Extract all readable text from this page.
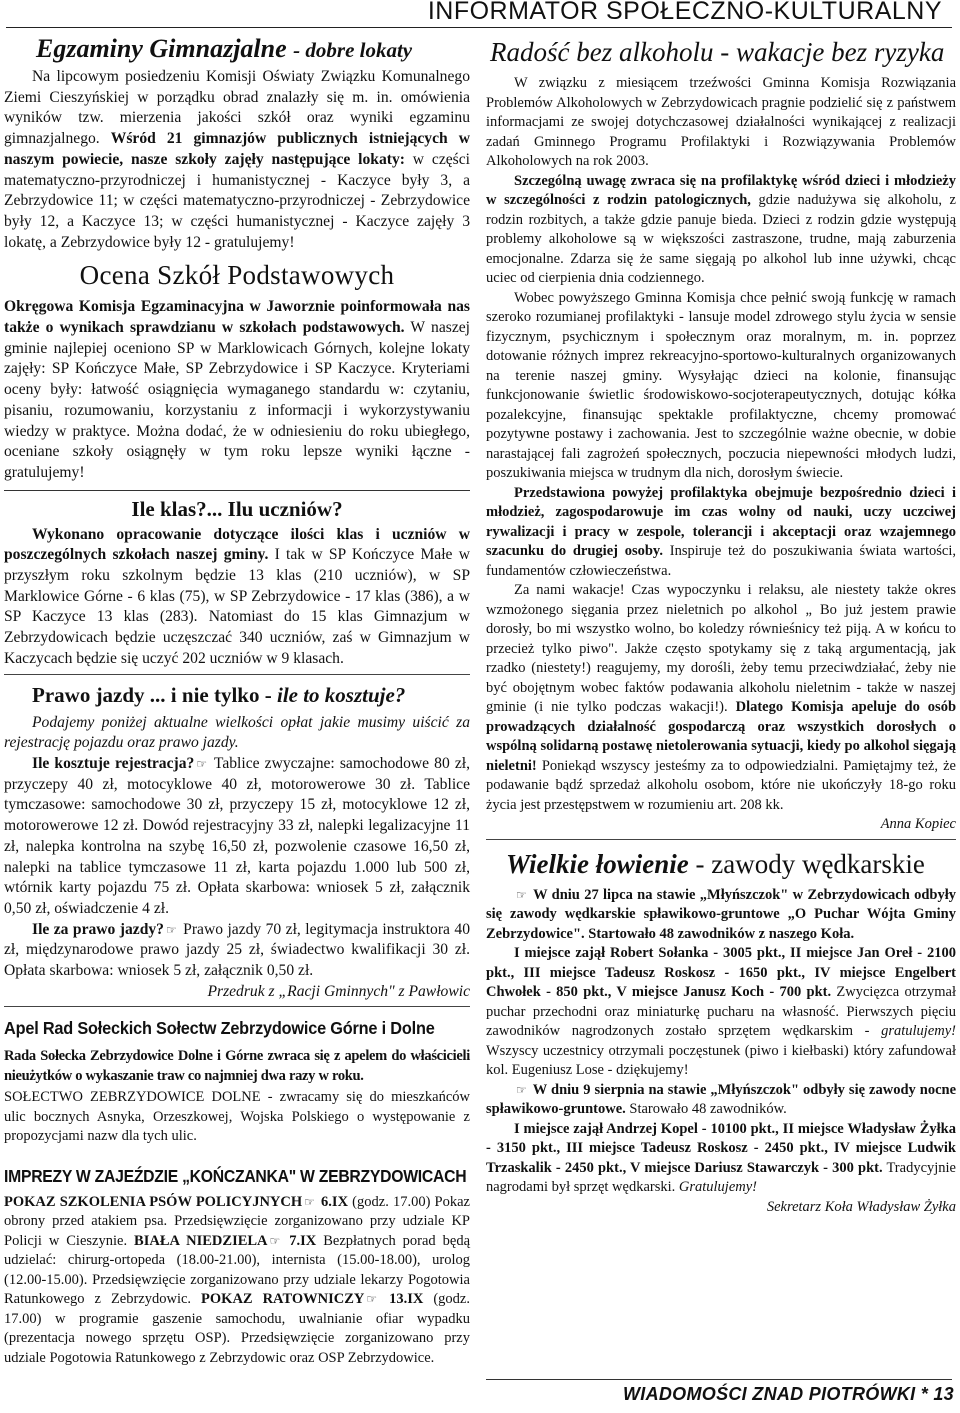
INFORMATOR SPOŁECZNO-KULTURALNY
Egzaminy Gimnazjalne - dobre lokaty

Na lipcowym posiedzeniu Komisji Oświaty Związku Komunalnego Ziemi Cieszyńskiej w porządku obrad znalazły się m. in. omówienia wyników tzw. mierzenia jakości szkół oraz wyniki egzaminu gimnazjalnego. Wśród 21 gimnazjów publicznych istniejących w naszym powiecie, nasze szkoły zajęły następujące lokaty: w części matematyczno-przyrodniczej i humanistycznej - Kaczyce były 3, a Zebrzydowice 11; w części matematyczno-przyrodniczej - Zebrzydowice były 12, a Kaczyce 13; w części humanistycznej - Kaczyce zajęły 3 lokatę, a Zebrzydowice były 12 - gratulujemy!

Ocena Szkół Podstawowych

Okręgowa Komisja Egzaminacyjna w Jaworznie poinformowała nas także o wynikach sprawdzianu w szkołach podstawowych. W naszej gminie najlepiej oceniono SP w Marklowicach Górnych, kolejne lokaty zajęły: SP Kończyce Małe, SP Zebrzydowice i SP Kaczyce. Kryteriami oceny były: łatwość osiągnięcia wymaganego standardu w: czytaniu, pisaniu, rozumowaniu, korzystaniu z informacji i wykorzystywaniu wiedzy w praktyce. Można dodać, że w odniesieniu do roku ubiegłego, oceniane szkoły osiągnęły w tym roku lepsze wyniki łączne - gratulujemy!

Ile klas?... Ilu uczniów?

Wykonano opracowanie dotyczące ilości klas i uczniów w poszczególnych szkołach naszej gminy. I tak w SP Kończyce Małe w przyszłym roku szkolnym będzie 13 klas (210 uczniów), w SP Marklowice Górne - 6 klas (75), w SP Zebrzydowice - 17 klas (386), a w SP Kaczyce 13 klas (283). Natomiast do 15 klas Gimnazjum w Zebrzydowicach będzie uczęszczać 340 uczniów, zaś w Gimnazjum w Kaczycach będzie się uczyć 202 uczniów w 9 klasach.

Prawo jazdy ... i nie tylko - ile to kosztuje?

Podajemy poniżej aktualne wielkości opłat jakie musimy uiścić za rejestrację pojazdu oraz prawo jazdy.

Ile kosztuje rejestracja? ☞ Tablice zwyczajne: samochodowe 80 zł, przyczepy 40 zł, motocyklowe 40 zł, motorowerowe 30 zł. Tablice tymczasowe: samochodowe 30 zł, przyczepy 15 zł, motocyklowe 12 zł, motorowerowe 12 zł. Dowód rejestracyjny 33 zł, nalepki legalizacyjne 11 zł, nalepka kontrolna na szybę 16,50 zł, pozwolenie czasowe 16,50 zł, nalepki na tablice tymczasowe 11 zł, karta pojazdu 1.000 lub 500 zł, wtórnik karty pojazdu 75 zł. Opłata skarbowa: wniosek 5 zł, załącznik 0,50 zł, oświadczenie 4 zł.

Ile za prawo jazdy? ☞ Prawo jazdy 70 zł, legitymacja instruktora 40 zł, międzynarodowe prawo jazdy 25 zł, świadectwo kwalifikacji 30 zł. Opłata skarbowa: wniosek 5 zł, załącznik 0,50 zł.

Przedruk z „Racji Gminnych" z Pawłowic

Apel Rad Sołeckich Sołectw Zebrzydowice Górne i Dolne

Rada Sołecka Zebrzydowice Dolne i Górne zwraca się z apelem do właścicieli nieużytków o wykaszanie traw co najmniej dwa razy w roku.

SOŁECTWO ZEBRZYDOWICE DOLNE - zwracamy się do mieszkańców ulic bocznych Asnyka, Orzeszkowej, Wojska Polskiego o występowanie z propozycjami nazw dla tych ulic.

IMPREZY W ZAJEŹDZIE „KOŃCZANKA" W ZEBRZYDOWICACH

POKAZ SZKOLENIA PSÓW POLICYJNYCH ☞ 6.IX (godz. 17.00) Pokaz obrony przed atakiem psa. Przedsięwzięcie zorganizowano przy udziale KP Policji w Cieszynie. BIAŁA NIEDZIELA ☞ 7.IX Bezpłatnych porad będą udzielać: chirurg-ortopeda (18.00-21.00), internista (15.00-18.00), urolog (12.00-15.00). Przedsięwzięcie zorganizowano przy udziale lekarzy Pogotowia Ratunkowego z Zebrzydowic. POKAZ RATOWNICZY ☞ 13.IX (godz. 17.00) w programie gaszenie samochodu, uwalnianie ofiar wypadku (prezentacja nowego sprzętu OSP). Przedsięwzięcie zorganizowano przy udziale Pogotowia Ratunkowego z Zebrzydowic oraz OSP Zebrzydowice.

Radość bez alkoholu - wakacje bez ryzyka

W związku z miesiącem trzeźwości Gminna Komisja Rozwiązania Problemów Alkoholowych w Zebrzydowicach pragnie podzielić się z państwem informacjami ze swojej dotychczasowej działalności wynikającej z realizacji zadań Gminnego Programu Profilaktyki i Rozwiązywania Problemów Alkoholowych na rok 2003.

Szczególną uwagę zwraca się na profilaktykę wśród dzieci i młodzieży w szczególności z rodzin patologicznych, gdzie nadużywa się alkoholu, z rodzin rozbitych, a także gdzie panuje bieda. Dzieci z rodzin gdzie występują problemy alkoholowe są w większości zastraszone, trudne, mają zaburzenia emocjonalne. Zdarza się że same sięgają po alkohol lub inne używki, chcąc uciec od cierpienia dnia codziennego.

Wobec powyższego Gminna Komisja chce pełnić swoją funkcję w ramach szeroko rozumianej profilaktyki - lansuje model zdrowego stylu życia w sensie fizycznym, psychicznym i społecznym oraz moralnym, m. in. poprzez dotowanie różnych imprez rekreacyjno-sportowo-kulturalnych organizowanych na terenie naszej gminy. Wysyłając dzieci na kolonie, finansując funkcjonowanie świetlic środowiskowo-socjoterapeutycznych, dotując kółka pozalekcyjne, finansując spektakle profilaktyczne, chcemy promować pozytywne postawy i zachowania. Jest to szczególnie ważne obecnie, w dobie narastającej fali zagrożeń społecznych, poczucia niepewności młodych ludzi, poszukiwania miejsca w trudnym dla nich, dorosłym świecie.

Przedstawiona powyżej profilaktyka obejmuje bezpośrednio dzieci i młodzież, zagospodarowuje im czas wolny od nauki, uczy uczciwej rywalizacji i pracy w zespole, tolerancji i akceptacji oraz wzajemnego szacunku do drugiej osoby. Inspiruje też do poszukiwania świata wartości, fundamentów człowieczeństwa.

Za nami wakacje! Czas wypoczynku i relaksu, ale niestety także okres wzmożonego sięgania przez nieletnich po alkohol „ Bo już jestem prawie dorosły, bo mi wszystko wolno, bo koledzy równieśnicy też piją. A w końcu to przecież tylko piwo". Jakże często spotykamy się z taką argumentacją, jak rzadko (niestety!) reagujemy, my dorośli, żeby temu przeciwdziałać, żeby nie być obojętnym wobec faktów podawania alkoholu nieletnim - także w naszej gminie (i nie tylko podczas wakacji!). Dlatego Komisja apeluje do osób prowadzących działalność gospodarczą oraz wszystkich dorosłych o wspólną solidarną postawę nietolerowania sytuacji, kiedy po alkohol sięgają nieletni! Poniekąd wszyscy jesteśmy za to odpowiedzialni. Pamiętajmy też, że podawanie bądź sprzedaż alkoholu osobom, które nie ukończyły 18-go roku życia jest przestępstwem w rozumieniu art. 208 kk.

Anna Kopiec

Wielkie łowienie - zawody wędkarskie

☞ W dniu 27 lipca na stawie „Młyńszczok" w Zebrzydowicach odbyły się zawody wędkarskie spławikowo-gruntowe „O Puchar Wójta Gminy Zebrzydowice". Startowało 48 zawodników z naszego Koła.

I miejsce zajął Robert Sołanka - 3005 pkt., II miejsce Jan Oreł - 2100 pkt., III miejsce Tadeusz Roskosz - 1650 pkt., IV miejsce Engelbert Chwołek - 850 pkt., V miejsce Janusz Koch - 700 pkt. Zwycięzca otrzymał puchar przechodni oraz miniaturkę pucharu na własność. Pierwszych pięciu zawodników nagrodzonych zostało sprzętem wędkarskim - gratulujemy! Wszyscy uczestnicy otrzymali poczęstunek (piwo i kiełbaski) który zafundował kol. Eugeniusz Lose - dziękujemy!

☞ W dniu 9 sierpnia na stawie „Młyńszczok" odbyły się zawody nocne spławikowo-gruntowe. Starowało 48 zawodników.

I miejsce zajął Andrzej Kopel - 10100 pkt., II miejsce Władysław Żyłka - 3150 pkt., III miejsce Tadeusz Roskosz - 2450 pkt., IV miejsce Ludwik Trzaskalik - 2450 pkt., V miejsce Dariusz Stawarczyk - 300 pkt. Tradycyjnie nagrodami był sprzęt wędkarski. Gratulujemy!

Sekretarz Koła Władysław Żyłka

WIADOMOŚCI ZNAD PIOTRÓWKI * 13
